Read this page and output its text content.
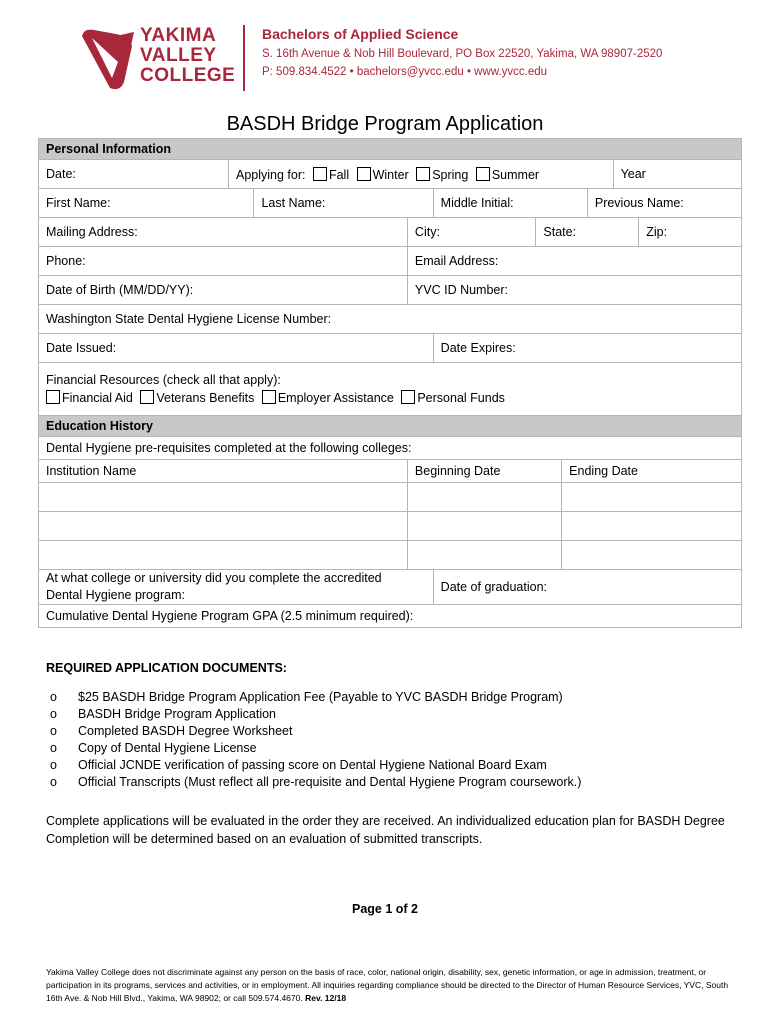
YAKIMA
VALLEY
COLLEGE
Bachelors of Applied Science
S. 16th Avenue & Nob Hill Boulevard, PO Box 22520, Yakima, WA 98907-2520
P: 509.834.4522 • bachelors@yvcc.edu • www.yvcc.edu
BASDH Bridge Program Application
Personal Information									
Date:	Applying for: Fall Winter Spring Summer							Year	
First Name:		Last Name:		Middle Initial:			Previous Name:		
Mailing Address:			City:		State:				Zip:
Phone:			Email Address:						
Date of Birth (MM/DD/YY):			YVC ID Number:						
Washington State Dental Hygiene License Number:									
Date Issued:				Date Expires:					

Financial Resources (check all that apply):
Financial Aid Veterans Benefits Employer Assistance Personal Funds									

Education History									
Dental Hygiene pre-requisites completed at the following colleges:									
Institution Name			Beginning Date			Ending Date			

At what college or university did you complete the accredited
Dental Hygiene program:				Date of graduation:					
Cumulative Dental Hygiene Program GPA (2.5 minimum required):									
REQUIRED APPLICATION DOCUMENTS:
o $25 BASDH Bridge Program Application Fee (Payable to YVC BASDH Bridge Program)
o BASDH Bridge Program Application
o Completed BASDH Degree Worksheet
o Copy of Dental Hygiene License
o Official JCNDE verification of passing score on Dental Hygiene National Board Exam
o Official Transcripts (Must reflect all pre-requisite and Dental Hygiene Program coursework.)
Complete applications will be evaluated in the order they are received. An individualized education plan for BASDH Degree Completion will be determined based on an evaluation of submitted transcripts.
Page 1 of 2
Yakima Valley College does not discriminate against any person on the basis of race, color, national origin, disability, sex, genetic information, or age in admission, treatment, or participation in its programs, services and activities, or in employment. All inquiries regarding compliance should be directed to the Director of Human Resource Services, YVC, South 16th Ave. & Nob Hill Blvd., Yakima, WA 98902; or call 509.574.4670. Rev. 12/18
